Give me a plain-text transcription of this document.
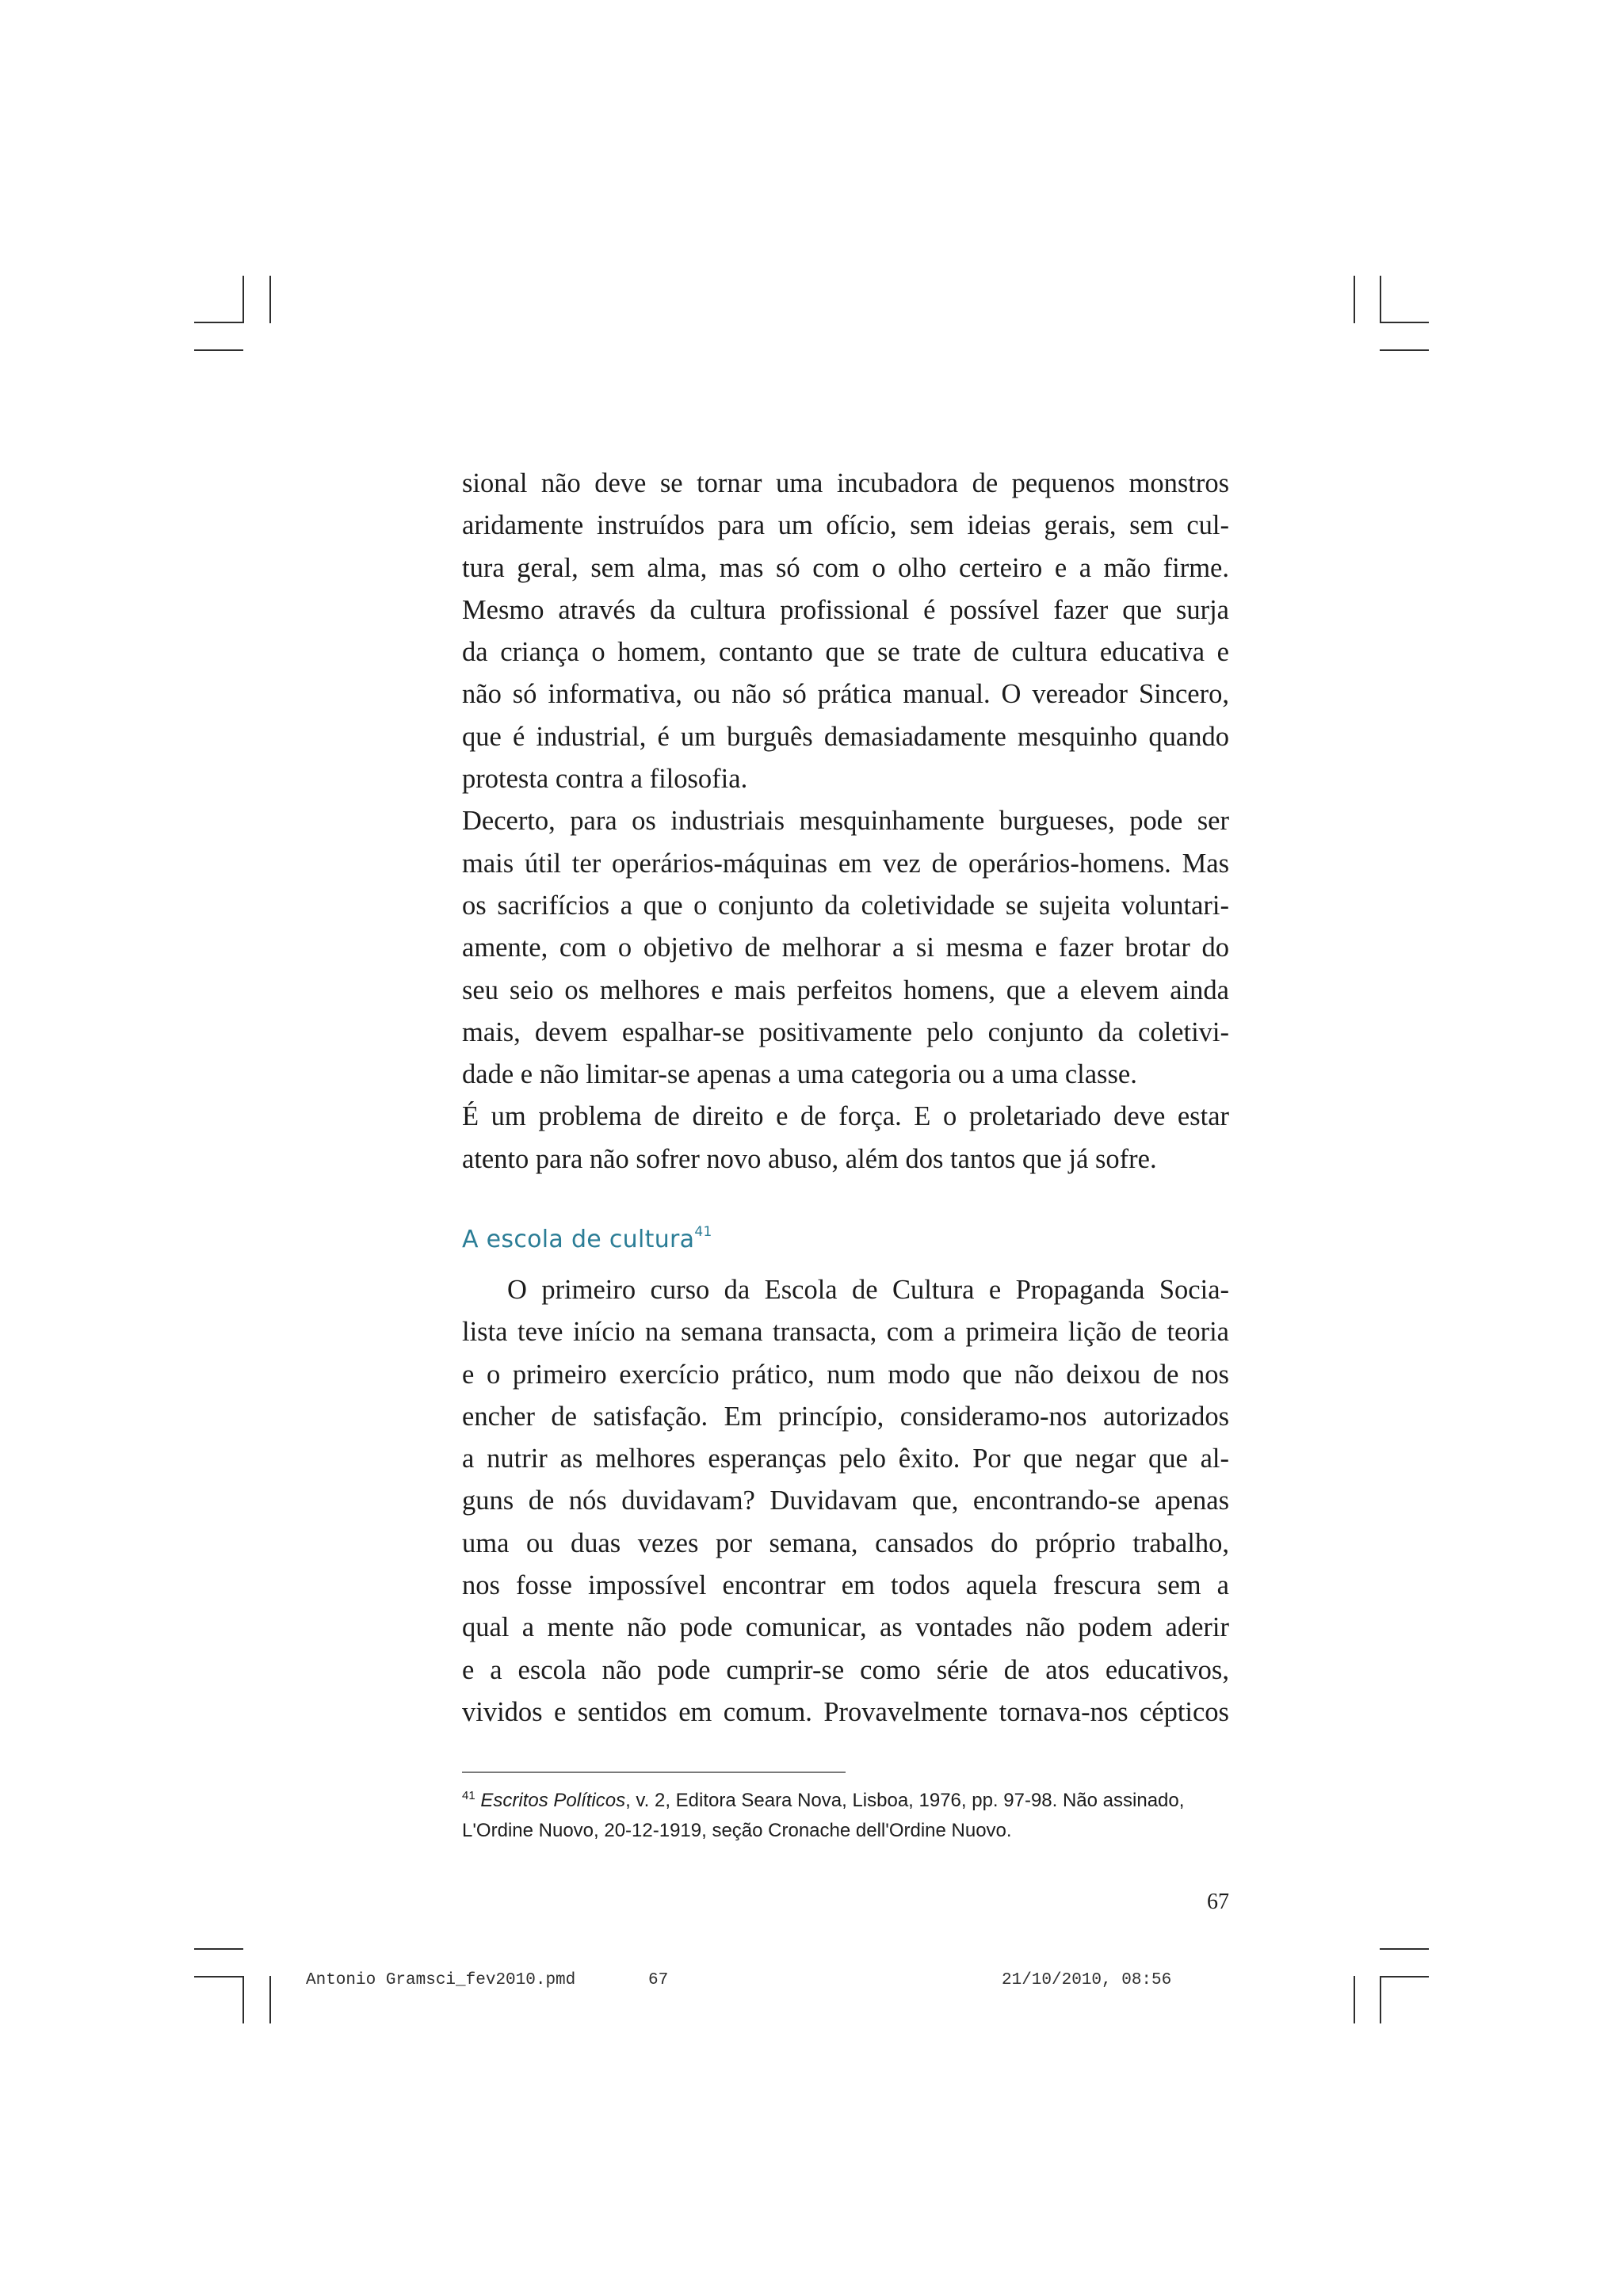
sional não deve se tornar uma incubadora de pequenos monstros
aridamente instruídos para um ofício, sem ideias gerais, sem cul-
tura geral, sem alma, mas só com o olho certeiro e a mão firme.
Mesmo através da cultura profissional é possível fazer que surja
da criança o homem, contanto que se trate de cultura educativa e
não só informativa, ou não só prática manual. O vereador Sincero,
que é industrial, é um burguês demasiadamente mesquinho quando
protesta contra a filosofia.

Decerto, para os industriais mesquinhamente burgueses, pode ser
mais útil ter operários-máquinas em vez de operários-homens. Mas
os sacrifícios a que o conjunto da coletividade se sujeita voluntari-
amente, com o objetivo de melhorar a si mesma e fazer brotar do
seu seio os melhores e mais perfeitos homens, que a elevem ainda
mais, devem espalhar-se positivamente pelo conjunto da coletivi-
dade e não limitar-se apenas a uma categoria ou a uma classe.

É um problema de direito e de força. E o proletariado deve estar
atento para não sofrer novo abuso, além dos tantos que já sofre.

A escola de cultura$^{41}$

O primeiro curso da Escola de Cultura e Propaganda Socia-
lista teve início na semana transacta, com a primeira lição de teoria
e o primeiro exercício prático, num modo que não deixou de nos
encher de satisfação. Em princípio, consideramo-nos autorizados
a nutrir as melhores esperanças pelo êxito. Por que negar que al-
guns de nós duvidavam? Duvidavam que, encontrando-se apenas
uma ou duas vezes por semana, cansados do próprio trabalho,
nos fosse impossível encontrar em todos aquela frescura sem a
qual a mente não pode comunicar, as vontades não podem aderir
e a escola não pode cumprir-se como série de atos educativos,
vividos e sentidos em comum. Provavelmente tornava-nos cépticos

$^{41}$ Escritos Políticos, v. 2, Editora Seara Nova, Lisboa, 1976, pp. 97-98. Não assinado,
L'Ordine Nuovo, 20-12-1919, seção Cronache dell'Ordine Nuovo.
67
Antonio Gramsci_fev2010.pmd	67	21/10/2010, 08:56
